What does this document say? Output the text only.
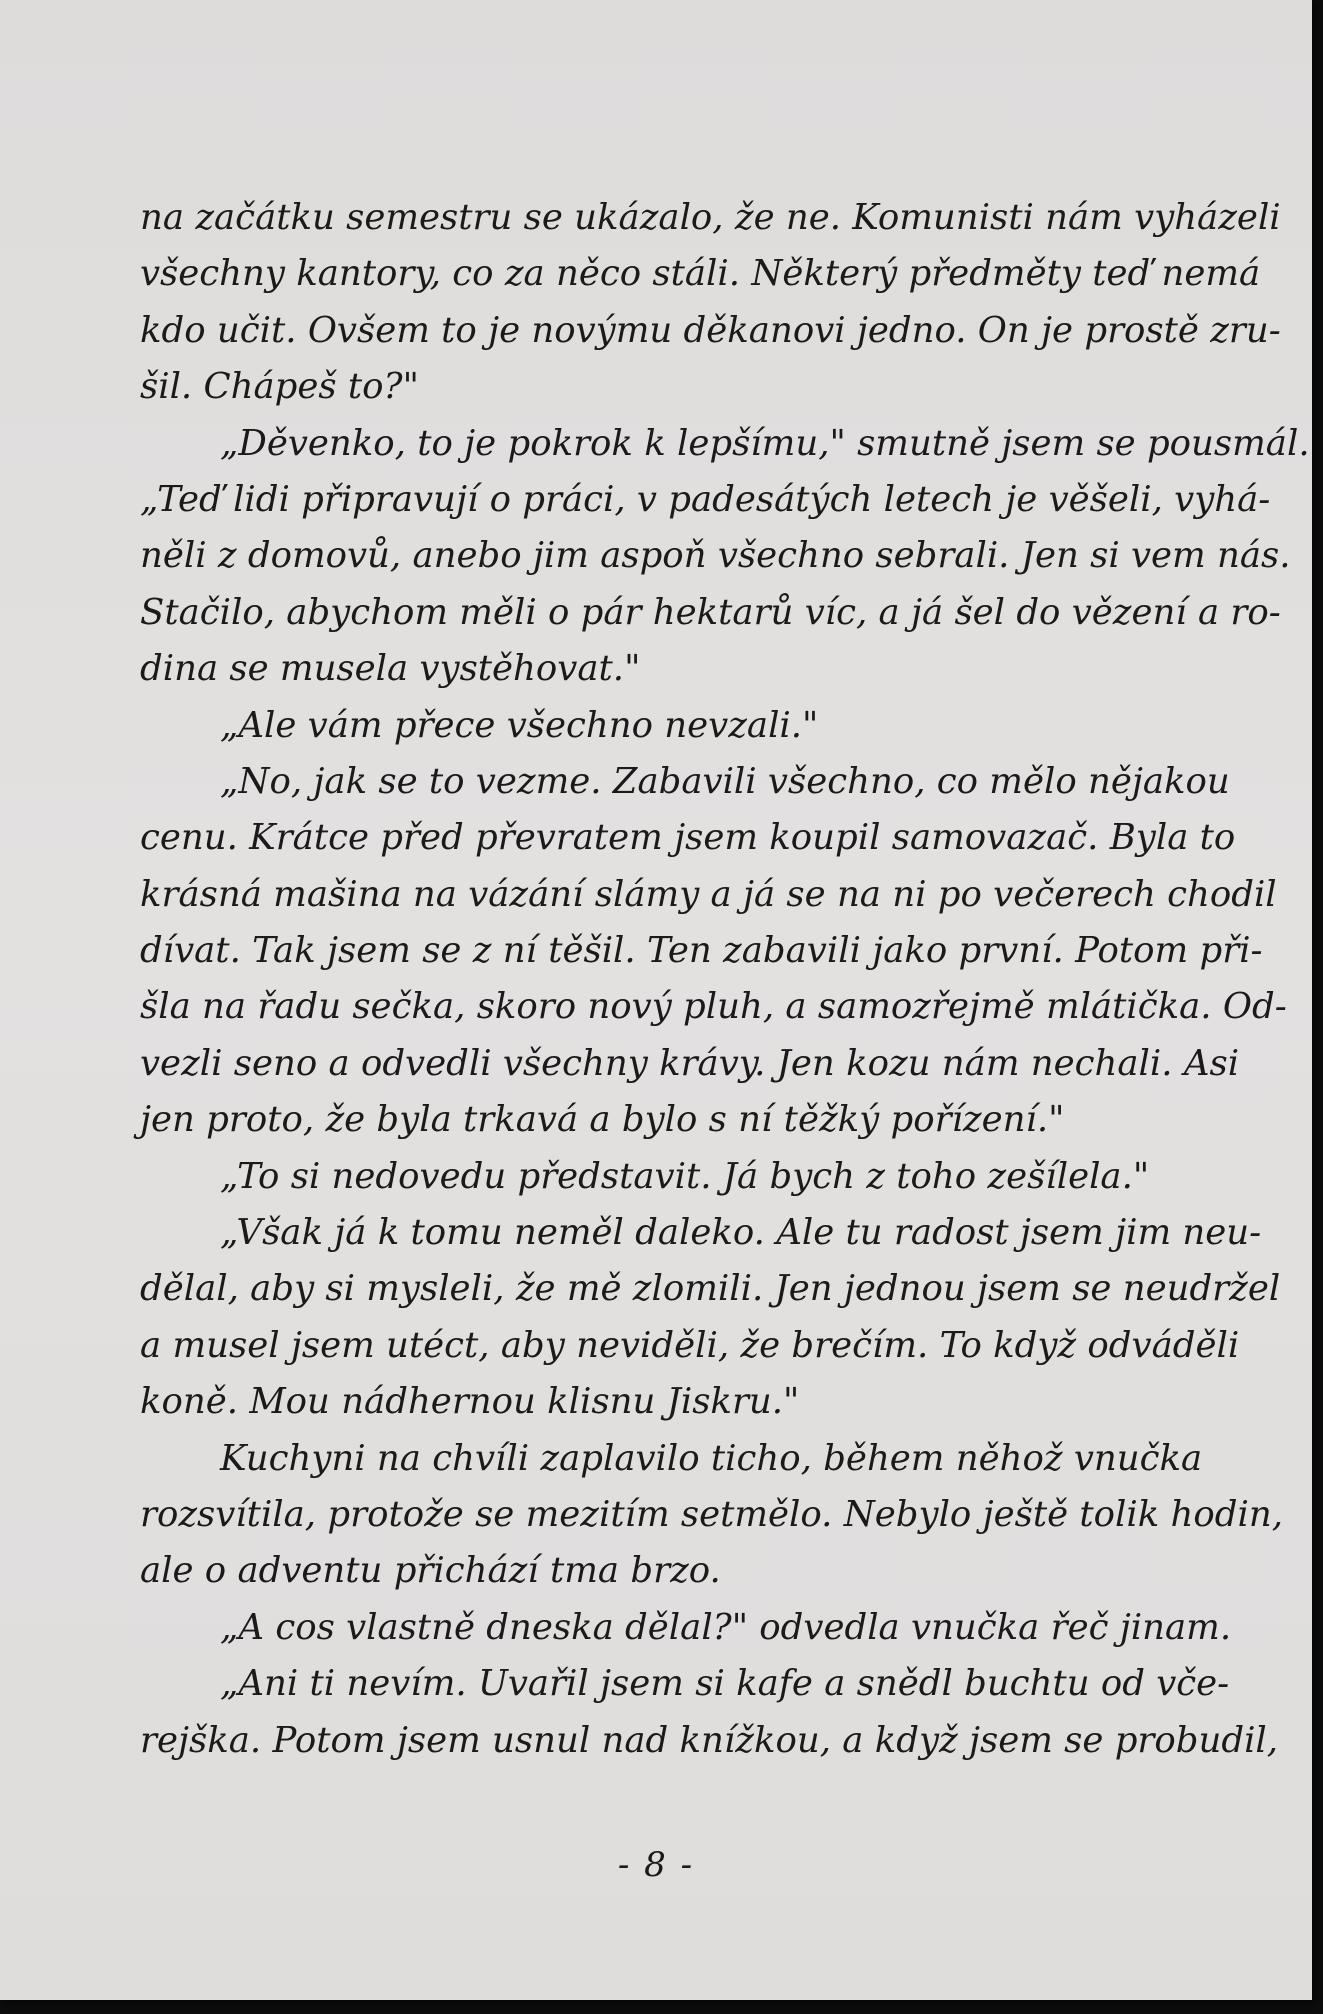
na začátku semestru se ukázalo, že ne. Komunisti nám vyházeli
všechny kantory, co za něco stáli. Některý předměty teď nemá
kdo učit. Ovšem to je novýmu děkanovi jedno. On je prostě zru-
šil. Chápeš to?"
„Děvenko, to je pokrok k lepšímu," smutně jsem se pousmál.
„Teď lidi připravují o práci, v padesátých letech je věšeli, vyhá-
něli z domovů, anebo jim aspoň všechno sebrali. Jen si vem nás.
Stačilo, abychom měli o pár hektarů víc, a já šel do vězení a ro-
dina se musela vystěhovat."
„Ale vám přece všechno nevzali."
„No, jak se to vezme. Zabavili všechno, co mělo nějakou
cenu. Krátce před převratem jsem koupil samovazač. Byla to
krásná mašina na vázání slámy a já se na ni po večerech chodil
dívat. Tak jsem se z ní těšil. Ten zabavili jako první. Potom při-
šla na řadu sečka, skoro nový pluh, a samozřejmě mlátička. Od-
vezli seno a odvedli všechny krávy. Jen kozu nám nechali. Asi
jen proto, že byla trkavá a bylo s ní těžký pořízení."
„To si nedovedu představit. Já bych z toho zešílela."
„Však já k tomu neměl daleko. Ale tu radost jsem jim neu-
dělal, aby si mysleli, že mě zlomili. Jen jednou jsem se neudržel
a musel jsem utéct, aby neviděli, že brečím. To když odváděli
koně. Mou nádhernou klisnu Jiskru."
Kuchyni na chvíli zaplavilo ticho, během něhož vnučka
rozsvítila, protože se mezitím setmělo. Nebylo ještě tolik hodin,
ale o adventu přichází tma brzo.
„A cos vlastně dneska dělal?" odvedla vnučka řeč jinam.
„Ani ti nevím. Uvařil jsem si kafe a snědl buchtu od vče-
rejška. Potom jsem usnul nad knížkou, a když jsem se probudil,
- 8 -
